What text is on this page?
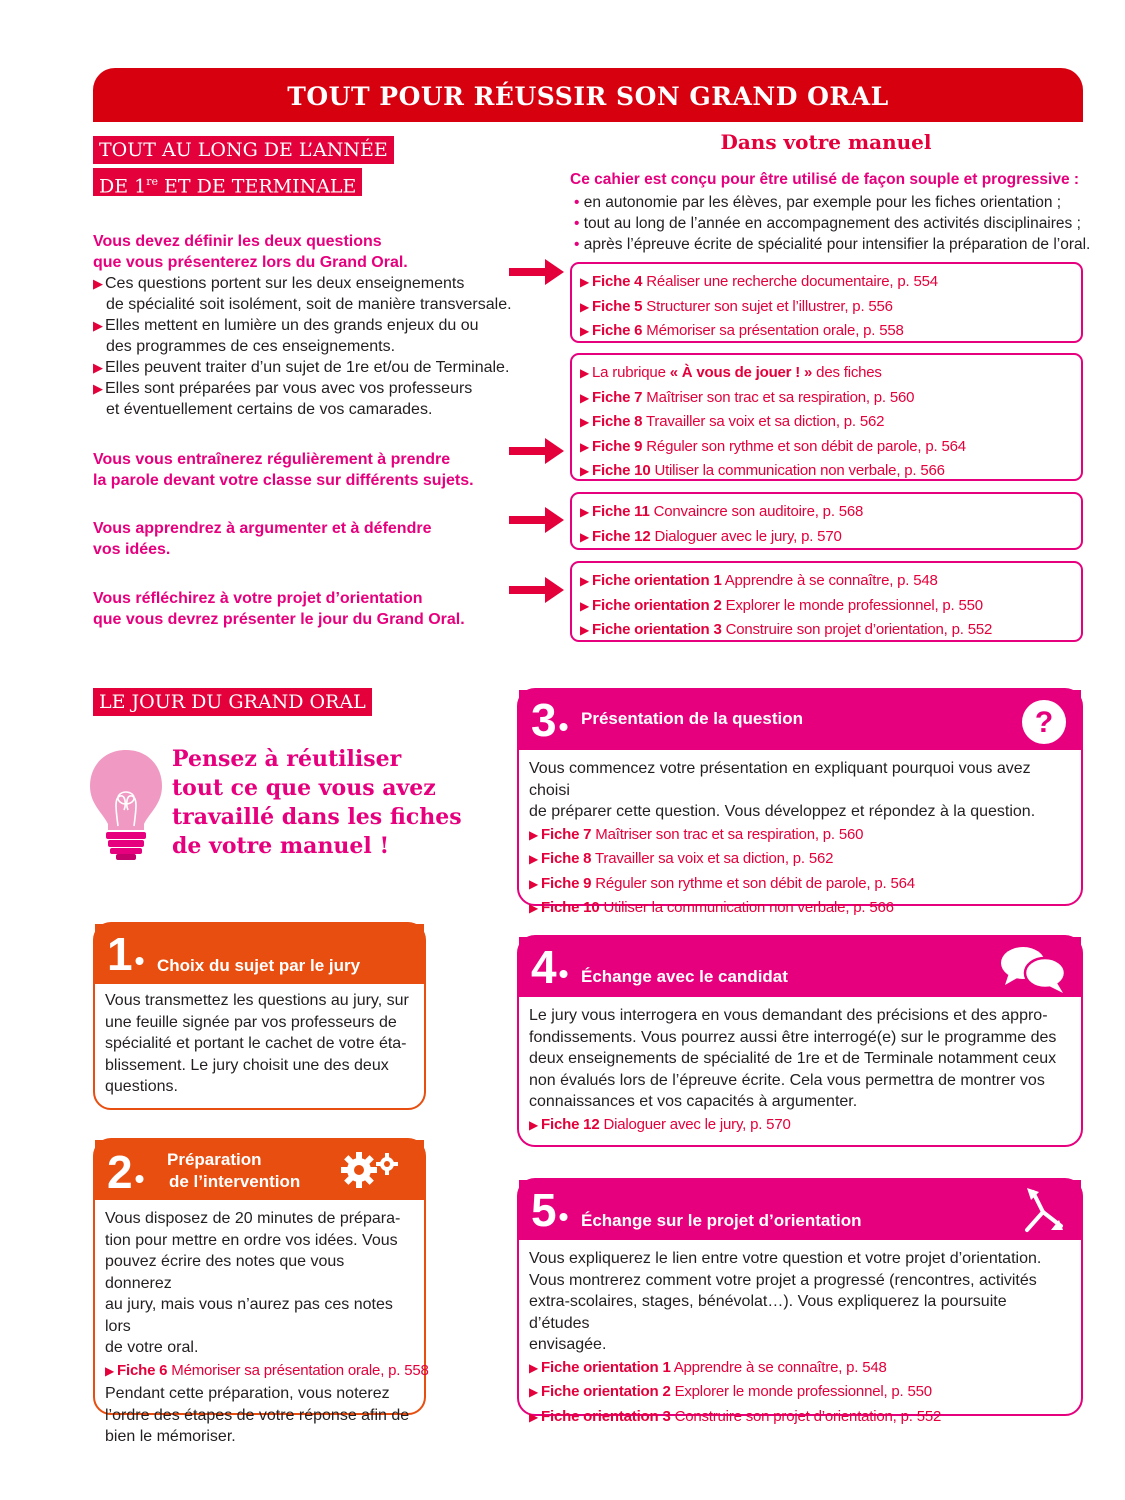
TOUT POUR RÉUSSIR SON GRAND ORAL
TOUT AU LONG DE L’ANNÉE
DE 1re ET DE TERMINALE
Vous devez définir les deux questions
que vous présenterez lors du Grand Oral.
▶ Ces questions portent sur les deux enseignements
de spécialité soit isolément, soit de manière transversale.
▶ Elles mettent en lumière un des grands enjeux du ou
des programmes de ces enseignements.
▶ Elles peuvent traiter d’un sujet de 1re et/ou de Terminale.
▶ Elles sont préparées par vous avec vos professeurs
et éventuellement certains de vos camarades.
Vous vous entraînerez régulièrement à prendre
la parole devant votre classe sur différents sujets.
Vous apprendrez à argumenter et à défendre
vos idées.
Vous réfléchirez à votre projet d’orientation
que vous devrez présenter le jour du Grand Oral.
Dans votre manuel
Ce cahier est conçu pour être utilisé de façon souple et progressive :
• en autonomie par les élèves, par exemple pour les fiches orientation ;
• tout au long de l’année en accompagnement des activités disciplinaires ;
• après l’épreuve écrite de spécialité pour intensifier la préparation de l’oral.
▶ Fiche 4 Réaliser une recherche documentaire, p. 554
▶ Fiche 5 Structurer son sujet et l’illustrer, p. 556
▶ Fiche 6 Mémoriser sa présentation orale, p. 558
▶ La rubrique « À vous de jouer ! » des fiches
▶ Fiche 7 Maîtriser son trac et sa respiration, p. 560
▶ Fiche 8 Travailler sa voix et sa diction, p. 562
▶ Fiche 9 Réguler son rythme et son débit de parole, p. 564
▶ Fiche 10 Utiliser la communication non verbale, p. 566
▶ Fiche 11 Convaincre son auditoire, p. 568
▶ Fiche 12 Dialoguer avec le jury, p. 570
▶ Fiche orientation 1 Apprendre à se connaître, p. 548
▶ Fiche orientation 2 Explorer le monde professionnel, p. 550
▶ Fiche orientation 3 Construire son projet d’orientation, p. 552
LE JOUR DU GRAND ORAL
Pensez à réutiliser
tout ce que vous avez
travaillé dans les fiches
de votre manuel !
3• Présentation de la question	?
Vous commencez votre présentation en expliquant pourquoi vous avez choisi
de préparer cette question. Vous développez et répondez à la question.
▶ Fiche 7 Maîtriser son trac et sa respiration, p. 560
▶ Fiche 8 Travailler sa voix et sa diction, p. 562
▶ Fiche 9 Réguler son rythme et son débit de parole, p. 564
▶ Fiche 10 Utiliser la communication non verbale, p. 566
1• Choix du sujet par le jury
Vous transmettez les questions au jury, sur
une feuille signée par vos professeurs de
spécialité et portant le cachet de votre éta-
blissement. Le jury choisit une des deux
questions.
4• Échange avec le candidat
Le jury vous interrogera en vous demandant des précisions et des appro-
fondissements. Vous pourrez aussi être interrogé(e) sur le programme des
deux enseignements de spécialité de 1re et de Terminale notamment ceux
non évalués lors de l’épreuve écrite. Cela vous permettra de montrer vos
connaissances et vos capacités à argumenter.
▶ Fiche 12 Dialoguer avec le jury, p. 570
2•
Préparation
de l’intervention
Vous disposez de 20 minutes de prépara-
tion pour mettre en ordre vos idées. Vous
pouvez écrire des notes que vous donnerez
au jury, mais vous n’aurez pas ces notes lors
de votre oral.
▶ Fiche 6 Mémoriser sa présentation orale, p. 558
Pendant cette préparation, vous noterez
l’ordre des étapes de votre réponse afin de
bien le mémoriser.
5• Échange sur le projet d’orientation
Vous expliquerez le lien entre votre question et votre projet d’orientation.
Vous montrerez comment votre projet a progressé (rencontres, activités
extra-scolaires, stages, bénévolat…). Vous expliquerez la poursuite d’études
envisagée.
▶ Fiche orientation 1 Apprendre à se connaître, p. 548
▶ Fiche orientation 2 Explorer le monde professionnel, p. 550
▶ Fiche orientation 3 Construire son projet d’orientation, p. 552
